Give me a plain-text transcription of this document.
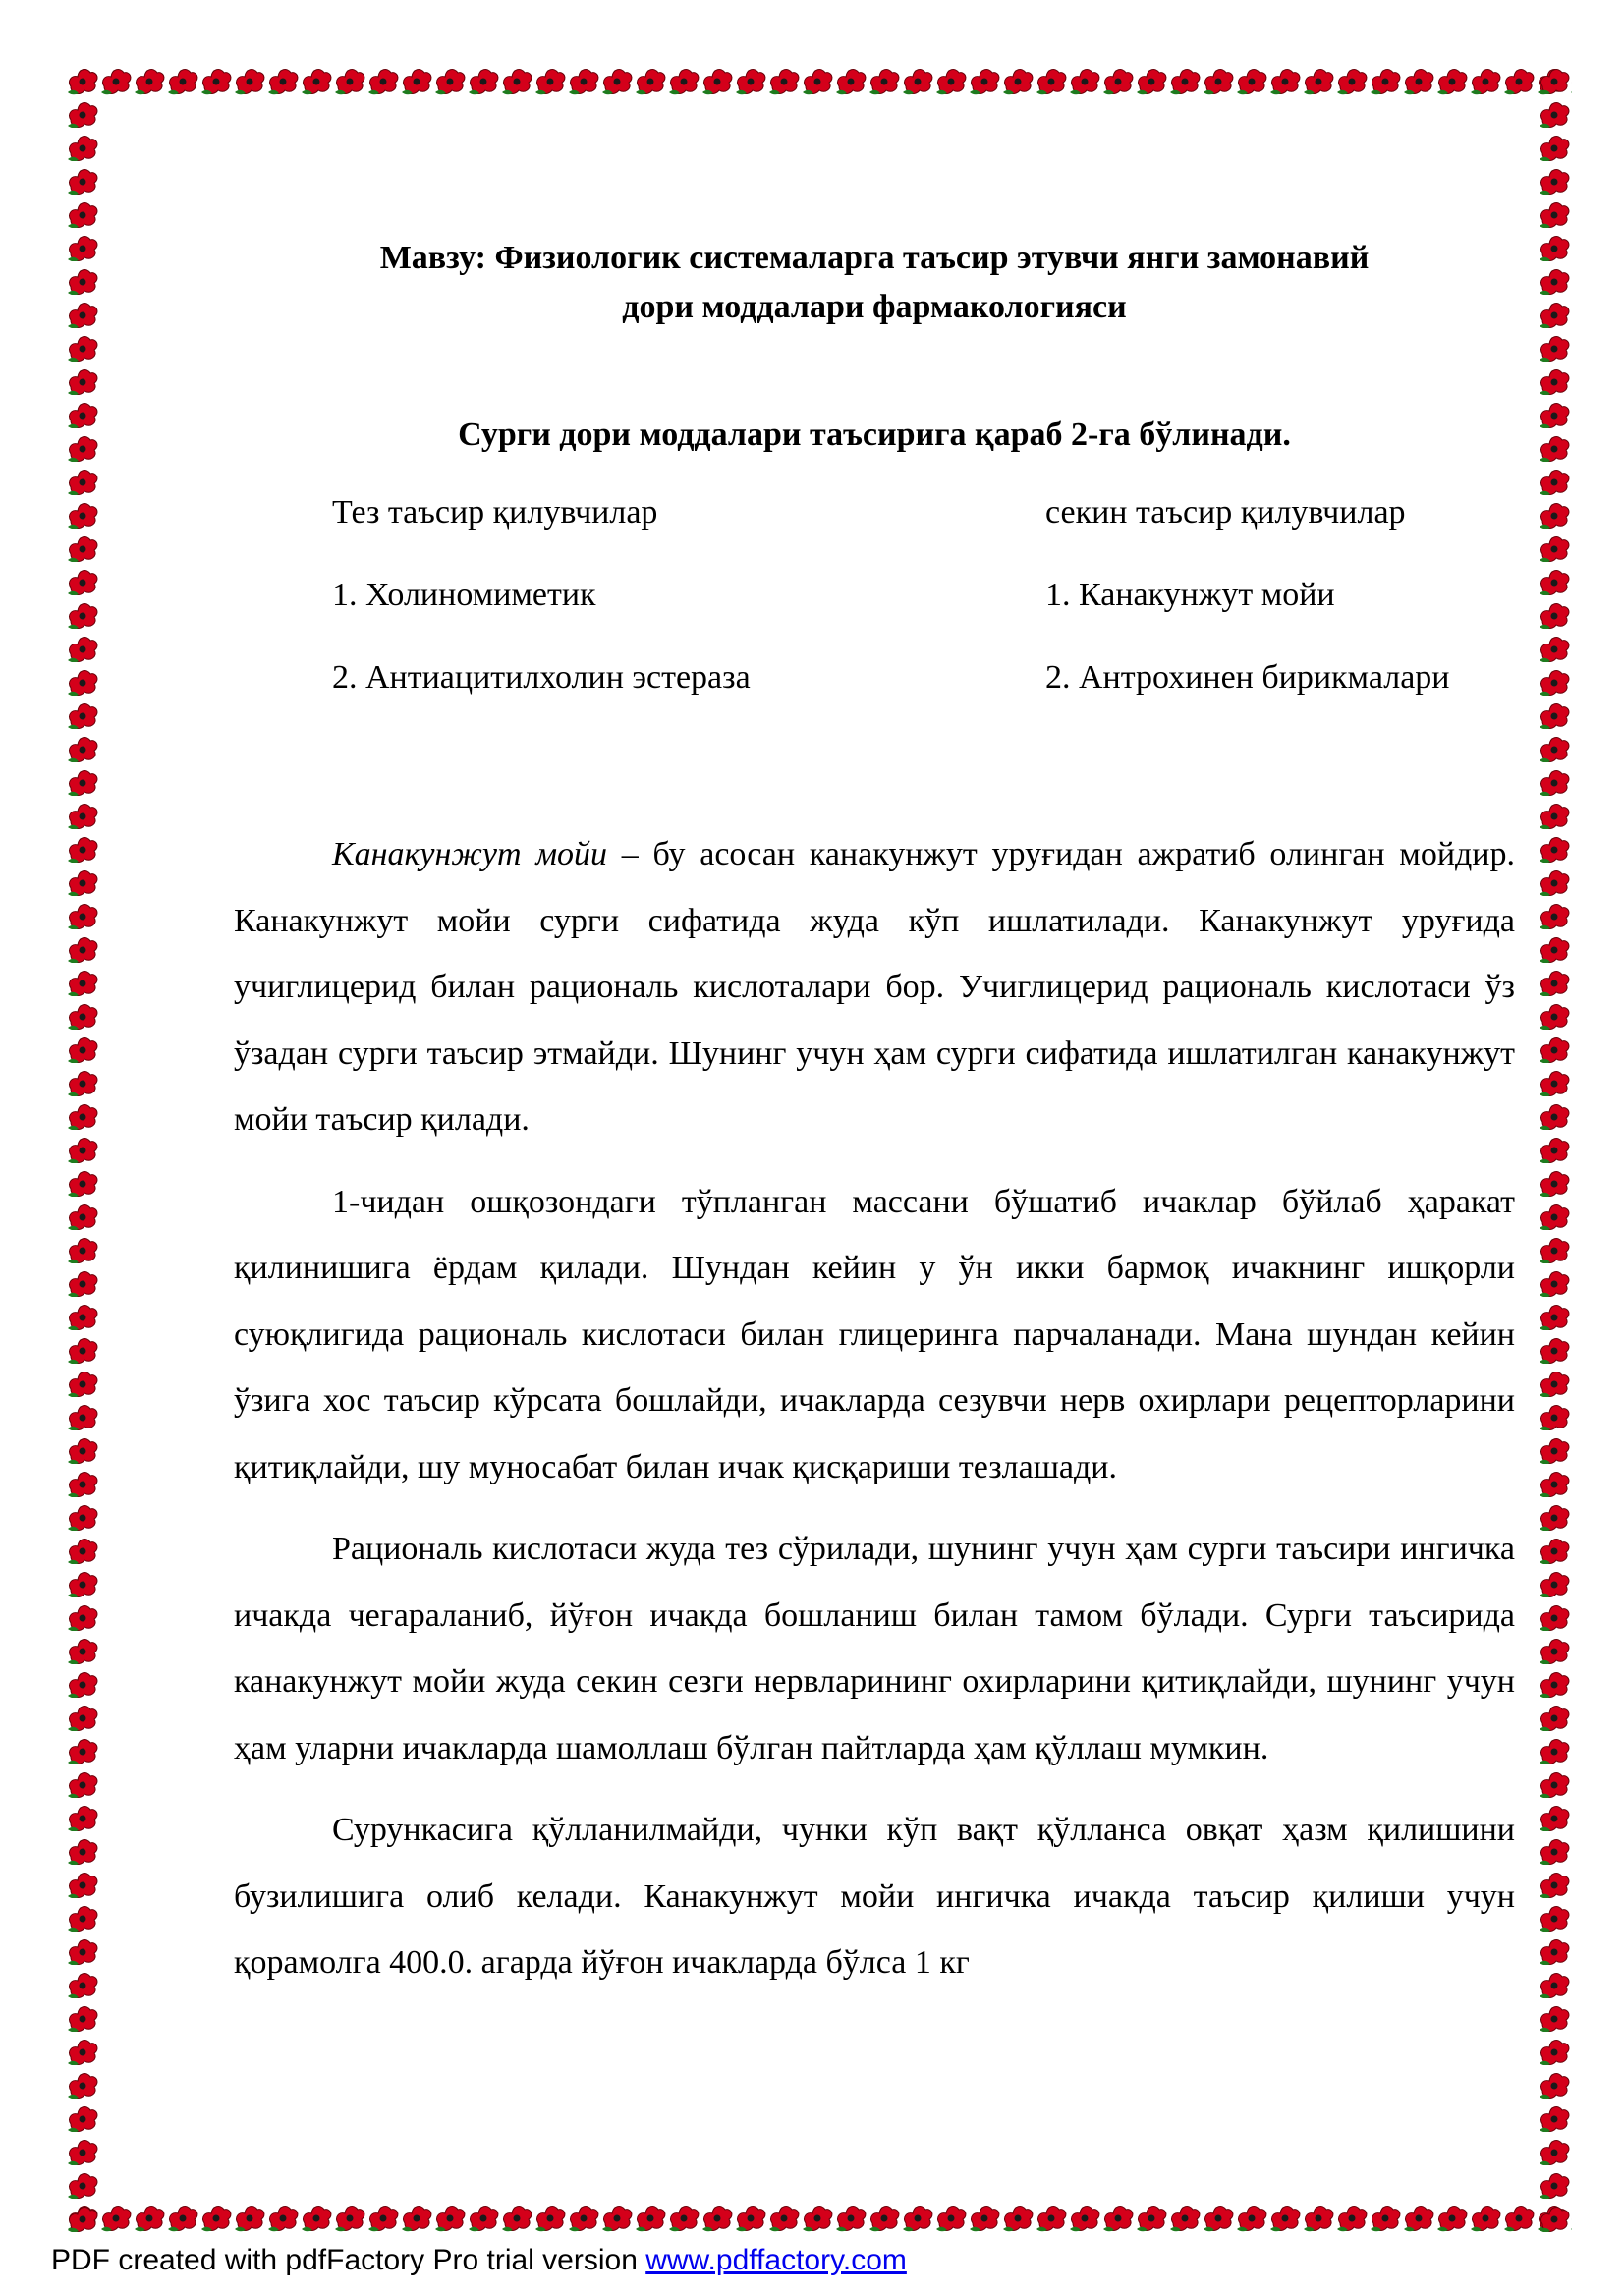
Мавзу: Физиологик системаларга таъсир этувчи янги замонавий
дори моддалари фармакологияси
Сурги дори моддалари таъсирига қараб 2-га бўлинади.
Тез таъсир қилувчилар
1. Холиномиметик
2. Антиацитилхолин эстераза
секин таъсир қилувчилар
1. Канакунжут мойи
2. Антрохинен бирикмалари

Канакунжут мойи – бу асосан канакунжут уруғидан ажратиб олинган мойдир. Канакунжут мойи сурги сифатида жуда кўп ишлатилади. Канакунжут уруғида учиглицерид билан рациональ кислоталари бор. Учиглицерид рациональ кислотаси ўз ўзадан сурги таъсир этмайди. Шунинг учун ҳам сурги сифатида ишлатилган канакунжут мойи таъсир қилади.

1-чидан ошқозондаги тўпланган массани бўшатиб ичаклар бўйлаб ҳаракат қилинишига ёрдам қилади. Шундан кейин у ўн икки бармоқ ичакнинг ишқорли суюқлигида рациональ кислотаси билан глицеринга парчаланади. Мана шундан кейин ўзига хос таъсир кўрсата бошлайди, ичакларда сезувчи нерв охирлари рецепторларини қитиқлайди, шу муносабат билан ичак қисқариши тезлашади.

Рациональ кислотаси жуда тез сўрилади, шунинг учун ҳам сурги таъсири ингичка ичакда чегараланиб, йўғон ичакда бошланиш билан тамом бўлади. Сурги таъсирида канакунжут мойи жуда секин сезги нервларининг охирларини қитиқлайди, шунинг учун ҳам уларни ичакларда шамоллаш бўлган пайтларда ҳам қўллаш мумкин.

Сурункасига қўлланилмайди, чунки кўп вақт қўлланса овқат ҳазм қилишини бузилишига олиб келади. Канакунжут мойи ингичка ичакда таъсир қилиши учун қорамолга 400.0. агарда йўғон ичакларда бўлса 1 кг

PDF created with pdfFactory Pro trial version www.pdffactory.com
